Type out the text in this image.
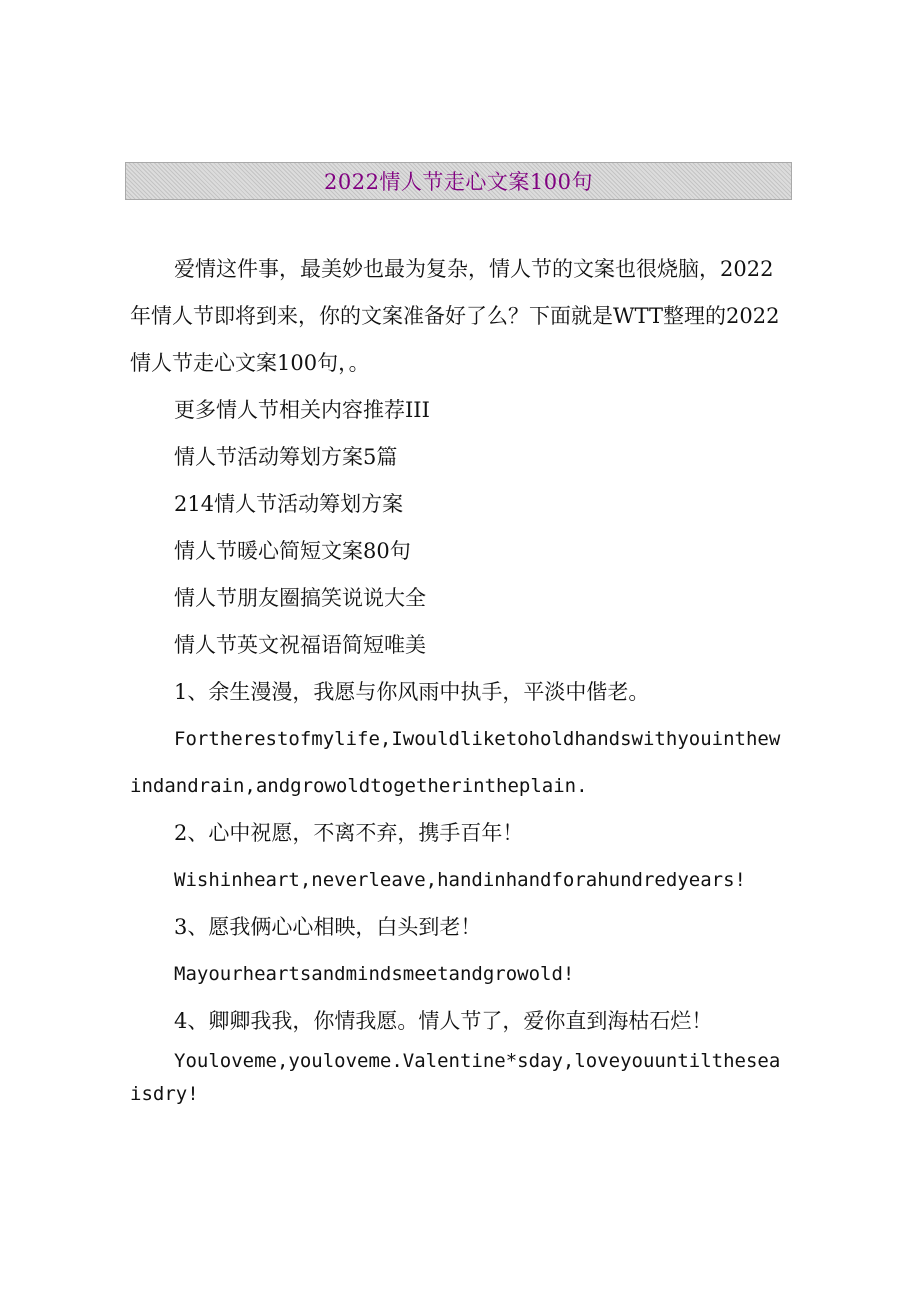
2022情人节走心文案100句

爱情这件事，最美妙也最为复杂，情人节的文案也很烧脑，2022年情人节即将到来，你的文案准备好了么？下面就是WTT整理的2022情人节走心文案100句，。

更多情人节相关内容推荐III

情人节活动筹划方案5篇

214情人节活动筹划方案

情人节暖心简短文案80句

情人节朋友圈搞笑说说大全

情人节英文祝福语简短唯美

1、余生漫漫，我愿与你风雨中执手，平淡中偕老。

Fortherestofmylife,Iwouldliketoholdhandswithyouinthewindandrain,andgrowoldtogetherintheplain.

2、心中祝愿，不离不弃，携手百年！

Wishinheart,neverleave,handinhandforahundredyears!

3、愿我俩心心相映，白头到老！

Mayourheartsandmindsmeetandgrowold!

4、卿卿我我，你情我愿。情人节了，爱你直到海枯石烂！

Youloveme,youloveme.Valentine*sday,loveyouuntiltheseaisdry!
